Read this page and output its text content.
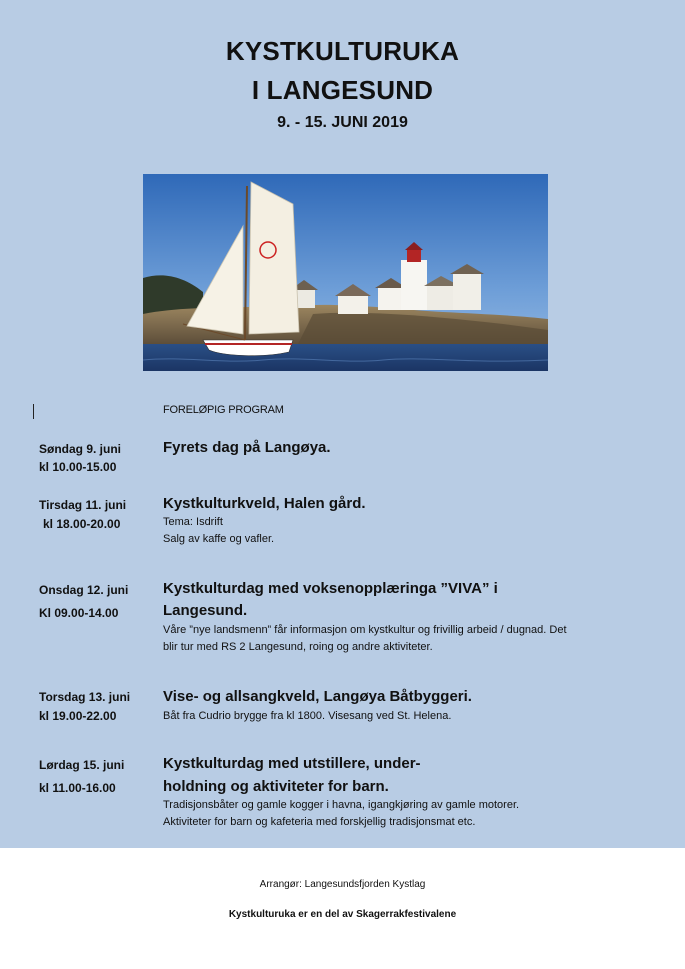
KYSTKULTURUKA
I LANGESUND
9. - 15. JUNI 2019
FORELØPIG PROGRAM
Søndag 9. juni
kl 10.00-15.00
Fyrets dag på Langøya.
Tirsdag 11. juni
kl 18.00-20.00
Kystkulturkveld, Halen gård.
Tema: Isdrift
Salg av kaffe og vafler.
Onsdag 12. juni
Kl 09.00-14.00
Kystkulturdag med voksenopplæringa ”VIVA” i
Langesund.
Våre ”nye landsmenn” får informasjon om kystkultur og frivillig arbeid / dugnad. Det
blir tur med RS 2 Langesund, roing og andre aktiviteter.
Torsdag 13. juni
kl 19.00-22.00
Vise- og allsangkveld, Langøya Båtbyggeri.
Båt fra Cudrio brygge fra kl 1800. Visesang ved St. Helena.
Lørdag 15. juni
kl 11.00-16.00
Kystkulturdag med utstillere, under-
holdning og aktiviteter for barn.
Tradisjonsbåter og gamle kogger i havna, igangkjøring av gamle motorer.
Aktiviteter for barn og kafeteria med forskjellig tradisjonsmat etc.
Arrangør: Langesundsfjorden Kystlag
Kystkulturuka er en del av Skagerrakfestivalene
